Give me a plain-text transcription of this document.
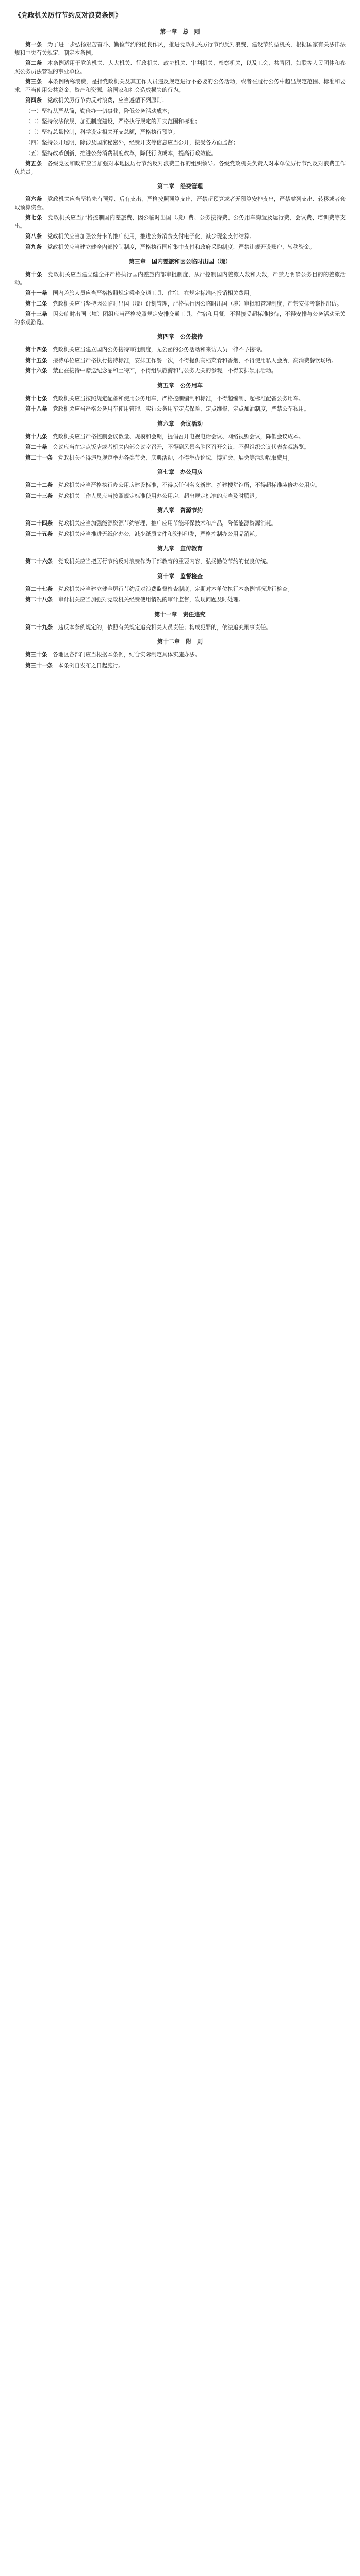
《党政机关厉行节约反对浪费条例》
第一章　总　则

第一条　 为了进一步弘扬艰苦奋斗、勤俭节约的优良作风，推进党政机关厉行节约反对浪费，建设节约型机关，根据国家有关法律法规和中央有关规定，制定本条例。

第二条　 本条例适用于党的机关、人大机关、行政机关、政协机关、审判机关、检察机关，以及工会、共青团、妇联等人民团体和参照公务员法管理的事业单位。

第三条　 本条例所称浪费，是指党政机关及其工作人员违反规定进行不必要的公务活动，或者在履行公务中超出规定范围、标准和要求，不当使用公共资金、资产和资源，给国家和社会造成损失的行为。

第四条　 党政机关厉行节约反对浪费，应当遵循下列原则：

（一）坚持从严从简，勤俭办一切事业，降低公务活动成本；

（二）坚持依法依规，加强制度建设，严格执行规定的开支范围和标准；

（三）坚持总量控制，科学设定相关开支总额，严格执行预算；

（四）坚持公开透明，除涉及国家秘密外，经费开支等信息应当公开，接受各方面监督；

（五）坚持改革创新，推进公务消费制度改革，降低行政成本，提高行政效能。

第五条　 各级党委和政府应当加强对本地区厉行节约反对浪费工作的组织领导。各级党政机关负责人对本单位厉行节约反对浪费工作负总责。

第二章　经费管理

第六条　 党政机关应当坚持先有预算、后有支出，严格按照预算支出，严禁超预算或者无预算安排支出，严禁虚列支出、转移或者套取预算资金。

第七条　 党政机关应当严格控制国内差旅费、因公临时出国（境）费、公务接待费、公务用车购置及运行费、会议费、培训费等支出。

第八条　 党政机关应当加强公务卡的推广使用，推进公务消费支付电子化，减少现金支付结算。

第九条　 党政机关应当建立健全内部控制制度，严格执行国库集中支付和政府采购制度，严禁违规开设账户、转移资金。

第三章　国内差旅和因公临时出国（境）

第十条　 党政机关应当建立健全并严格执行国内差旅内部审批制度，从严控制国内差旅人数和天数，严禁无明确公务目的的差旅活动。

第十一条　 国内差旅人员应当严格按照规定乘坐交通工具、住宿，在规定标准内报销相关费用。

第十二条　 党政机关应当坚持因公临时出国（境）计划管理，严格执行因公临时出国（境）审批和管理制度，严禁安排考察性出访。

第十三条　 因公临时出国（境）团组应当严格按照规定安排交通工具、住宿和用餐，不得接受超标准接待，不得安排与公务活动无关的参观游览。

第四章　公务接待

第十四条　 党政机关应当建立国内公务接待审批制度，无公函的公务活动和来访人员一律不予接待。

第十五条　 接待单位应当严格执行接待标准，安排工作餐一次，不得提供高档菜肴和香烟，不得使用私人会所、高消费餐饮场所。

第十六条　 禁止在接待中赠送纪念品和土特产，不得组织旅游和与公务无关的参观，不得安排娱乐活动。

第五章　公务用车

第十七条　 党政机关应当按照规定配备和使用公务用车，严格控制编制和标准，不得超编制、超标准配备公务用车。

第十八条　 党政机关应当严格公务用车使用管理，实行公务用车定点保险、定点维修、定点加油制度，严禁公车私用。

第六章　会议活动

第十九条　 党政机关应当严格控制会议数量、规模和会期，提倡召开电视电话会议、网络视频会议，降低会议成本。

第二十条　 会议应当在定点饭店或者机关内部会议室召开，不得到风景名胜区召开会议，不得组织会议代表参观游览。

第二十一条　 党政机关不得违反规定举办各类节会、庆典活动，不得举办论坛、博览会、展会等活动收取费用。

第七章　办公用房

第二十二条　 党政机关应当严格执行办公用房建设标准，不得以任何名义新建、扩建楼堂馆所，不得超标准装修办公用房。

第二十三条　 党政机关工作人员应当按照规定标准使用办公用房，超出规定标准的应当及时腾退。

第八章　资源节约

第二十四条　 党政机关应当加强能源资源节约管理，推广应用节能环保技术和产品，降低能源资源消耗。

第二十五条　 党政机关应当推进无纸化办公，减少纸质文件和资料印发，严格控制办公用品消耗。

第九章　宣传教育

第二十六条　 党政机关应当把厉行节约反对浪费作为干部教育的重要内容，弘扬勤俭节约的优良传统。

第十章　监督检查

第二十七条　 党政机关应当建立健全厉行节约反对浪费监督检查制度，定期对本单位执行本条例情况进行检查。

第二十八条　 审计机关应当加强对党政机关经费使用情况的审计监督，发现问题及时处理。

第十一章　责任追究

第二十九条　 违反本条例规定的，依照有关规定追究相关人员责任；构成犯罪的，依法追究刑事责任。

第十二章　附　则

第三十条　 各地区各部门应当根据本条例，结合实际制定具体实施办法。

第三十一条　 本条例自发布之日起施行。
